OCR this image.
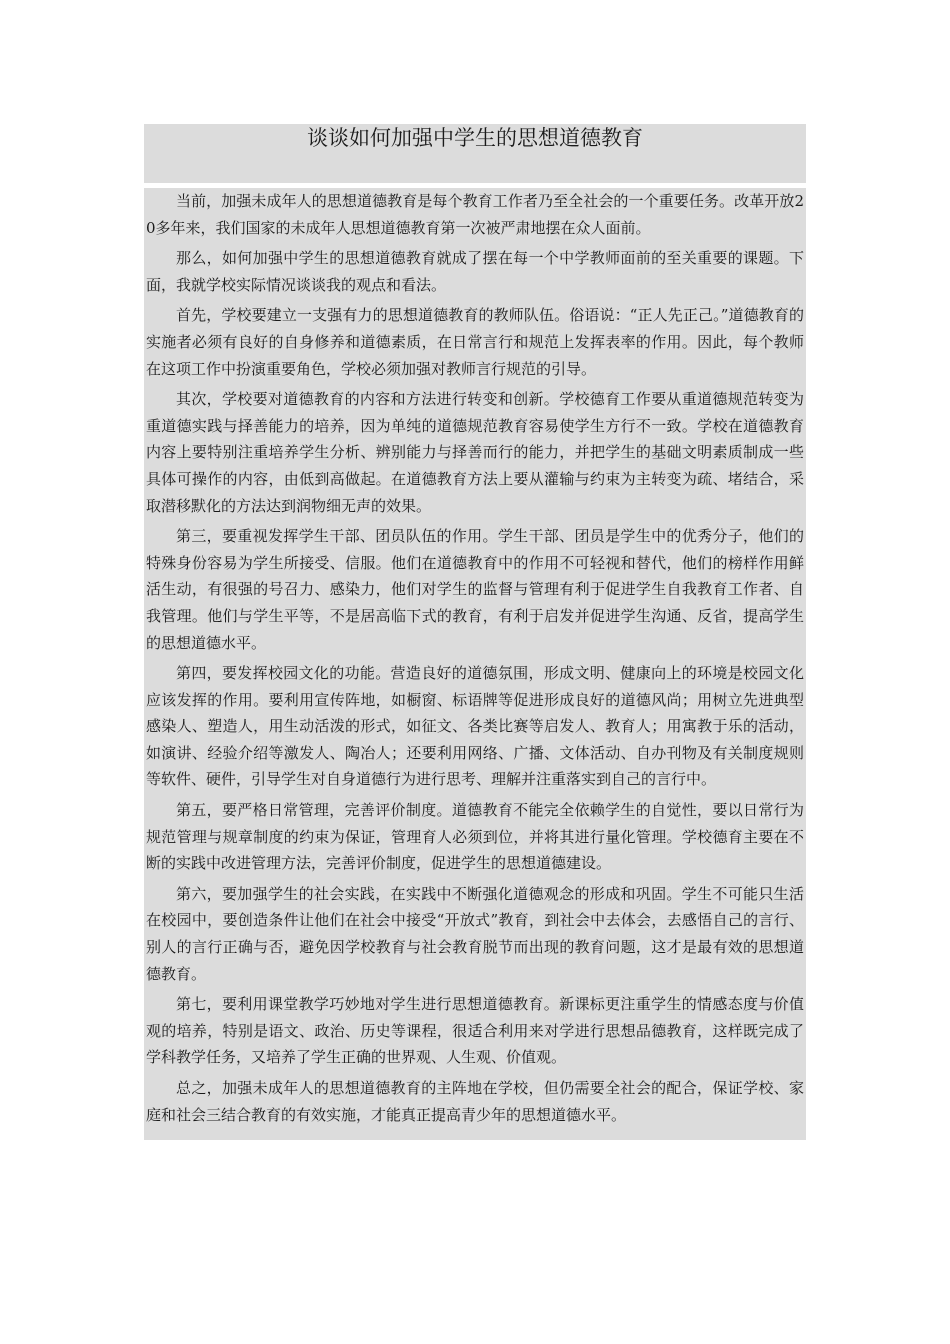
谈谈如何加强中学生的思想道德教育

当前，加强未成年人的思想道德教育是每个教育工作者乃至全社会的一个重要任务。改革开放20多年来，我们国家的未成年人思想道德教育第一次被严肃地摆在众人面前。

那么，如何加强中学生的思想道德教育就成了摆在每一个中学教师面前的至关重要的课题。下面，我就学校实际情况谈谈我的观点和看法。

首先，学校要建立一支强有力的思想道德教育的教师队伍。俗语说：“正人先正己。”道德教育的实施者必须有良好的自身修养和道德素质，在日常言行和规范上发挥表率的作用。因此，每个教师在这项工作中扮演重要角色，学校必须加强对教师言行规范的引导。

其次，学校要对道德教育的内容和方法进行转变和创新。学校德育工作要从重道德规范转变为重道德实践与择善能力的培养，因为单纯的道德规范教育容易使学生方行不一致。学校在道德教育内容上要特别注重培养学生分析、辨别能力与择善而行的能力，并把学生的基础文明素质制成一些具体可操作的内容，由低到高做起。在道德教育方法上要从灌输与约束为主转变为疏、堵结合，采取潜移默化的方法达到润物细无声的效果。

第三，要重视发挥学生干部、团员队伍的作用。学生干部、团员是学生中的优秀分子，他们的特殊身份容易为学生所接受、信服。他们在道德教育中的作用不可轻视和替代，他们的榜样作用鲜活生动，有很强的号召力、感染力，他们对学生的监督与管理有利于促进学生自我教育工作者、自我管理。他们与学生平等，不是居高临下式的教育，有利于启发并促进学生沟通、反省，提高学生的思想道德水平。

第四，要发挥校园文化的功能。营造良好的道德氛围，形成文明、健康向上的环境是校园文化应该发挥的作用。要利用宣传阵地，如橱窗、标语牌等促进形成良好的道德风尚；用树立先进典型感染人、塑造人，用生动活泼的形式，如征文、各类比赛等启发人、教育人；用寓教于乐的活动，如演讲、经验介绍等激发人、陶冶人；还要利用网络、广播、文体活动、自办刊物及有关制度规则等软件、硬件，引导学生对自身道德行为进行思考、理解并注重落实到自己的言行中。

第五，要严格日常管理，完善评价制度。道德教育不能完全依赖学生的自觉性，要以日常行为规范管理与规章制度的约束为保证，管理育人必须到位，并将其进行量化管理。学校德育主要在不断的实践中改进管理方法，完善评价制度，促进学生的思想道德建设。

第六，要加强学生的社会实践，在实践中不断强化道德观念的形成和巩固。学生不可能只生活在校园中，要创造条件让他们在社会中接受“开放式”教育，到社会中去体会，去感悟自己的言行、别人的言行正确与否，避免因学校教育与社会教育脱节而出现的教育问题，这才是最有效的思想道德教育。

第七，要利用课堂教学巧妙地对学生进行思想道德教育。新课标更注重学生的情感态度与价值观的培养，特别是语文、政治、历史等课程，很适合利用来对学进行思想品德教育，这样既完成了学科教学任务，又培养了学生正确的世界观、人生观、价值观。

总之，加强未成年人的思想道德教育的主阵地在学校，但仍需要全社会的配合，保证学校、家庭和社会三结合教育的有效实施，才能真正提高青少年的思想道德水平。
